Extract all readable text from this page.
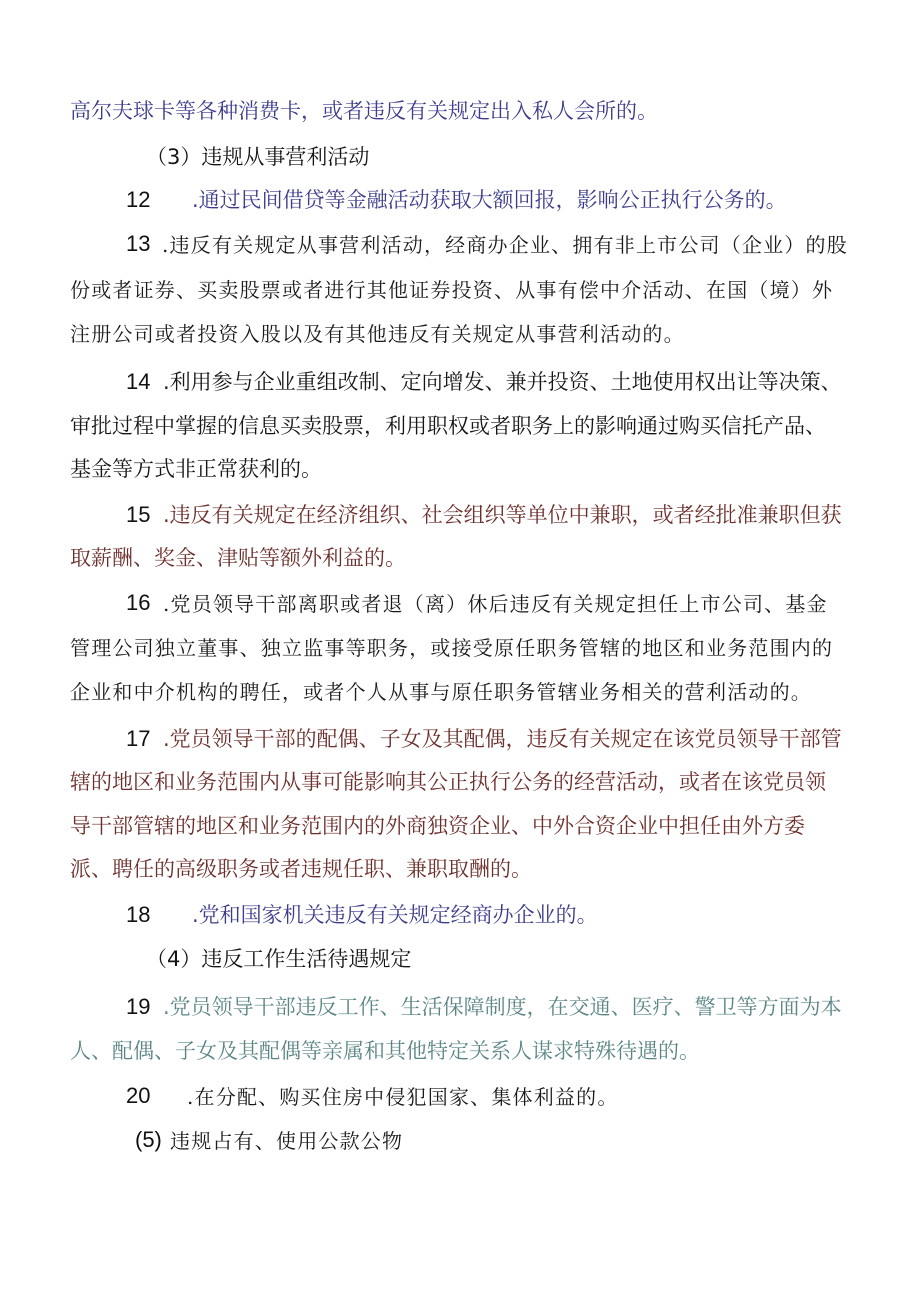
高尔夫球卡等各种消费卡，或者违反有关规定出入私人会所的。
（3）违规从事营利活动
12 .通过民间借贷等金融活动获取大额回报，影响公正执行公务的。
13 .违反有关规定从事营利活动，经商办企业、拥有非上市公司（企业）的股
份或者证券、买卖股票或者进行其他证券投资、从事有偿中介活动、在国（境）外
注册公司或者投资入股以及有其他违反有关规定从事营利活动的。
14 .利用参与企业重组改制、定向增发、兼并投资、土地使用权出让等决策、
审批过程中掌握的信息买卖股票，利用职权或者职务上的影响通过购买信托产品、
基金等方式非正常获利的。
15 .违反有关规定在经济组织、社会组织等单位中兼职，或者经批准兼职但获
取薪酬、奖金、津贴等额外利益的。
16 .党员领导干部离职或者退（离）休后违反有关规定担任上市公司、基金
管理公司独立董事、独立监事等职务，或接受原任职务管辖的地区和业务范围内的
企业和中介机构的聘任，或者个人从事与原任职务管辖业务相关的营利活动的。
17 .党员领导干部的配偶、子女及其配偶，违反有关规定在该党员领导干部管
辖的地区和业务范围内从事可能影响其公正执行公务的经营活动，或者在该党员领
导干部管辖的地区和业务范围内的外商独资企业、中外合资企业中担任由外方委
派、聘任的高级职务或者违规任职、兼职取酬的。
18 .党和国家机关违反有关规定经商办企业的。
（4）违反工作生活待遇规定
19 .党员领导干部违反工作、生活保障制度，在交通、医疗、警卫等方面为本
人、配偶、子女及其配偶等亲属和其他特定关系人谋求特殊待遇的。
20 .在分配、购买住房中侵犯国家、集体利益的。
(5) 违规占有、使用公款公物
